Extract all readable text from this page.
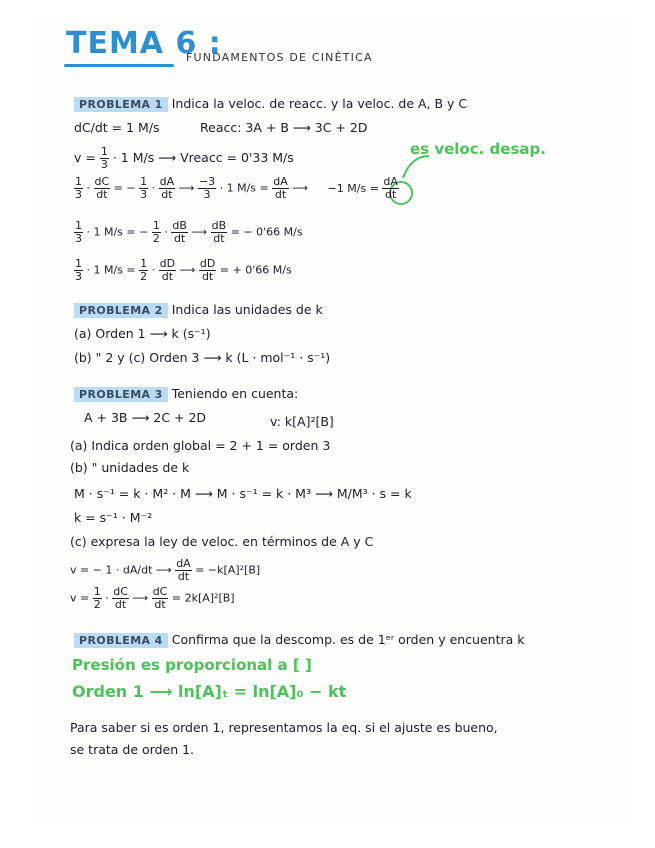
TEMA 6 :
FUNDAMENTOS DE CINÉTICA
PROBLEMA 1 Indica la veloc. de reacc. y la veloc. de A, B y C
dC/dt = 1 M/s	Reacc: 3A + B ⟶ 3C + 2D
$v = \frac{1}{3} \cdot 1$ M/s ⟶ Vreacc = 0'33 M/s	es veloc. desap.
$\frac{1}{3} \cdot \frac{dC}{dt}$ = − $\frac{1}{3} \cdot \frac{dA}{dt}$ ⟶ $\frac{-3}{3} \cdot 1$ $M/s = \frac{dA}{dt}$ ⟶ −1 $M/s = \frac{dA}{dt}$
$\frac{1}{3} \cdot 1$ M/s = − $\frac{1}{2} \cdot \frac{dB}{dt}$ ⟶ $\frac{dB}{dt}$ = − 0'66 M/s
$\frac{1}{3} \cdot 1$ $M/s = \frac{1}{2} \cdot \frac{dD}{dt}$ ⟶ $\frac{dD}{dt}$ = + 0'66 M/s
PROBLEMA 2 Indica las unidades de k
(a) Orden 1 ⟶ k (s⁻¹)
(b) " 2 y (c) Orden 3 ⟶ k (L · mol⁻¹ · s⁻¹)
PROBLEMA 3 Teniendo en cuenta:
A + 3B ⟶ 2C + 2D	v: k[A]²[B]
(a) Indica orden global = 2 + 1 = orden 3
(b) " unidades de k
M · s⁻¹ = k · M² · M ⟶ M · s⁻¹ = k · M³ ⟶ M/M³ · s = k
k = s⁻¹ · M⁻²
(c) expresa la ley de veloc. en términos de A y C
v = − 1 · dA/dt ⟶ $\frac{dA}{dt} = -k[A]^2[B]$
$v = \frac{1}{2} \cdot \frac{dC}{dt}$ ⟶ $\frac{dC}{dt} = 2k[A]^2[B]$
PROBLEMA 4 Confirma que la descomp. es de 1ᵉʳ orden y encuentra k
Presión es proporcional a [ ]
Orden 1 ⟶ ln[A]ₜ = ln[A]₀ − kt
Para saber si es orden 1, representamos la eq. si el ajuste es bueno,
se trata de orden 1.
